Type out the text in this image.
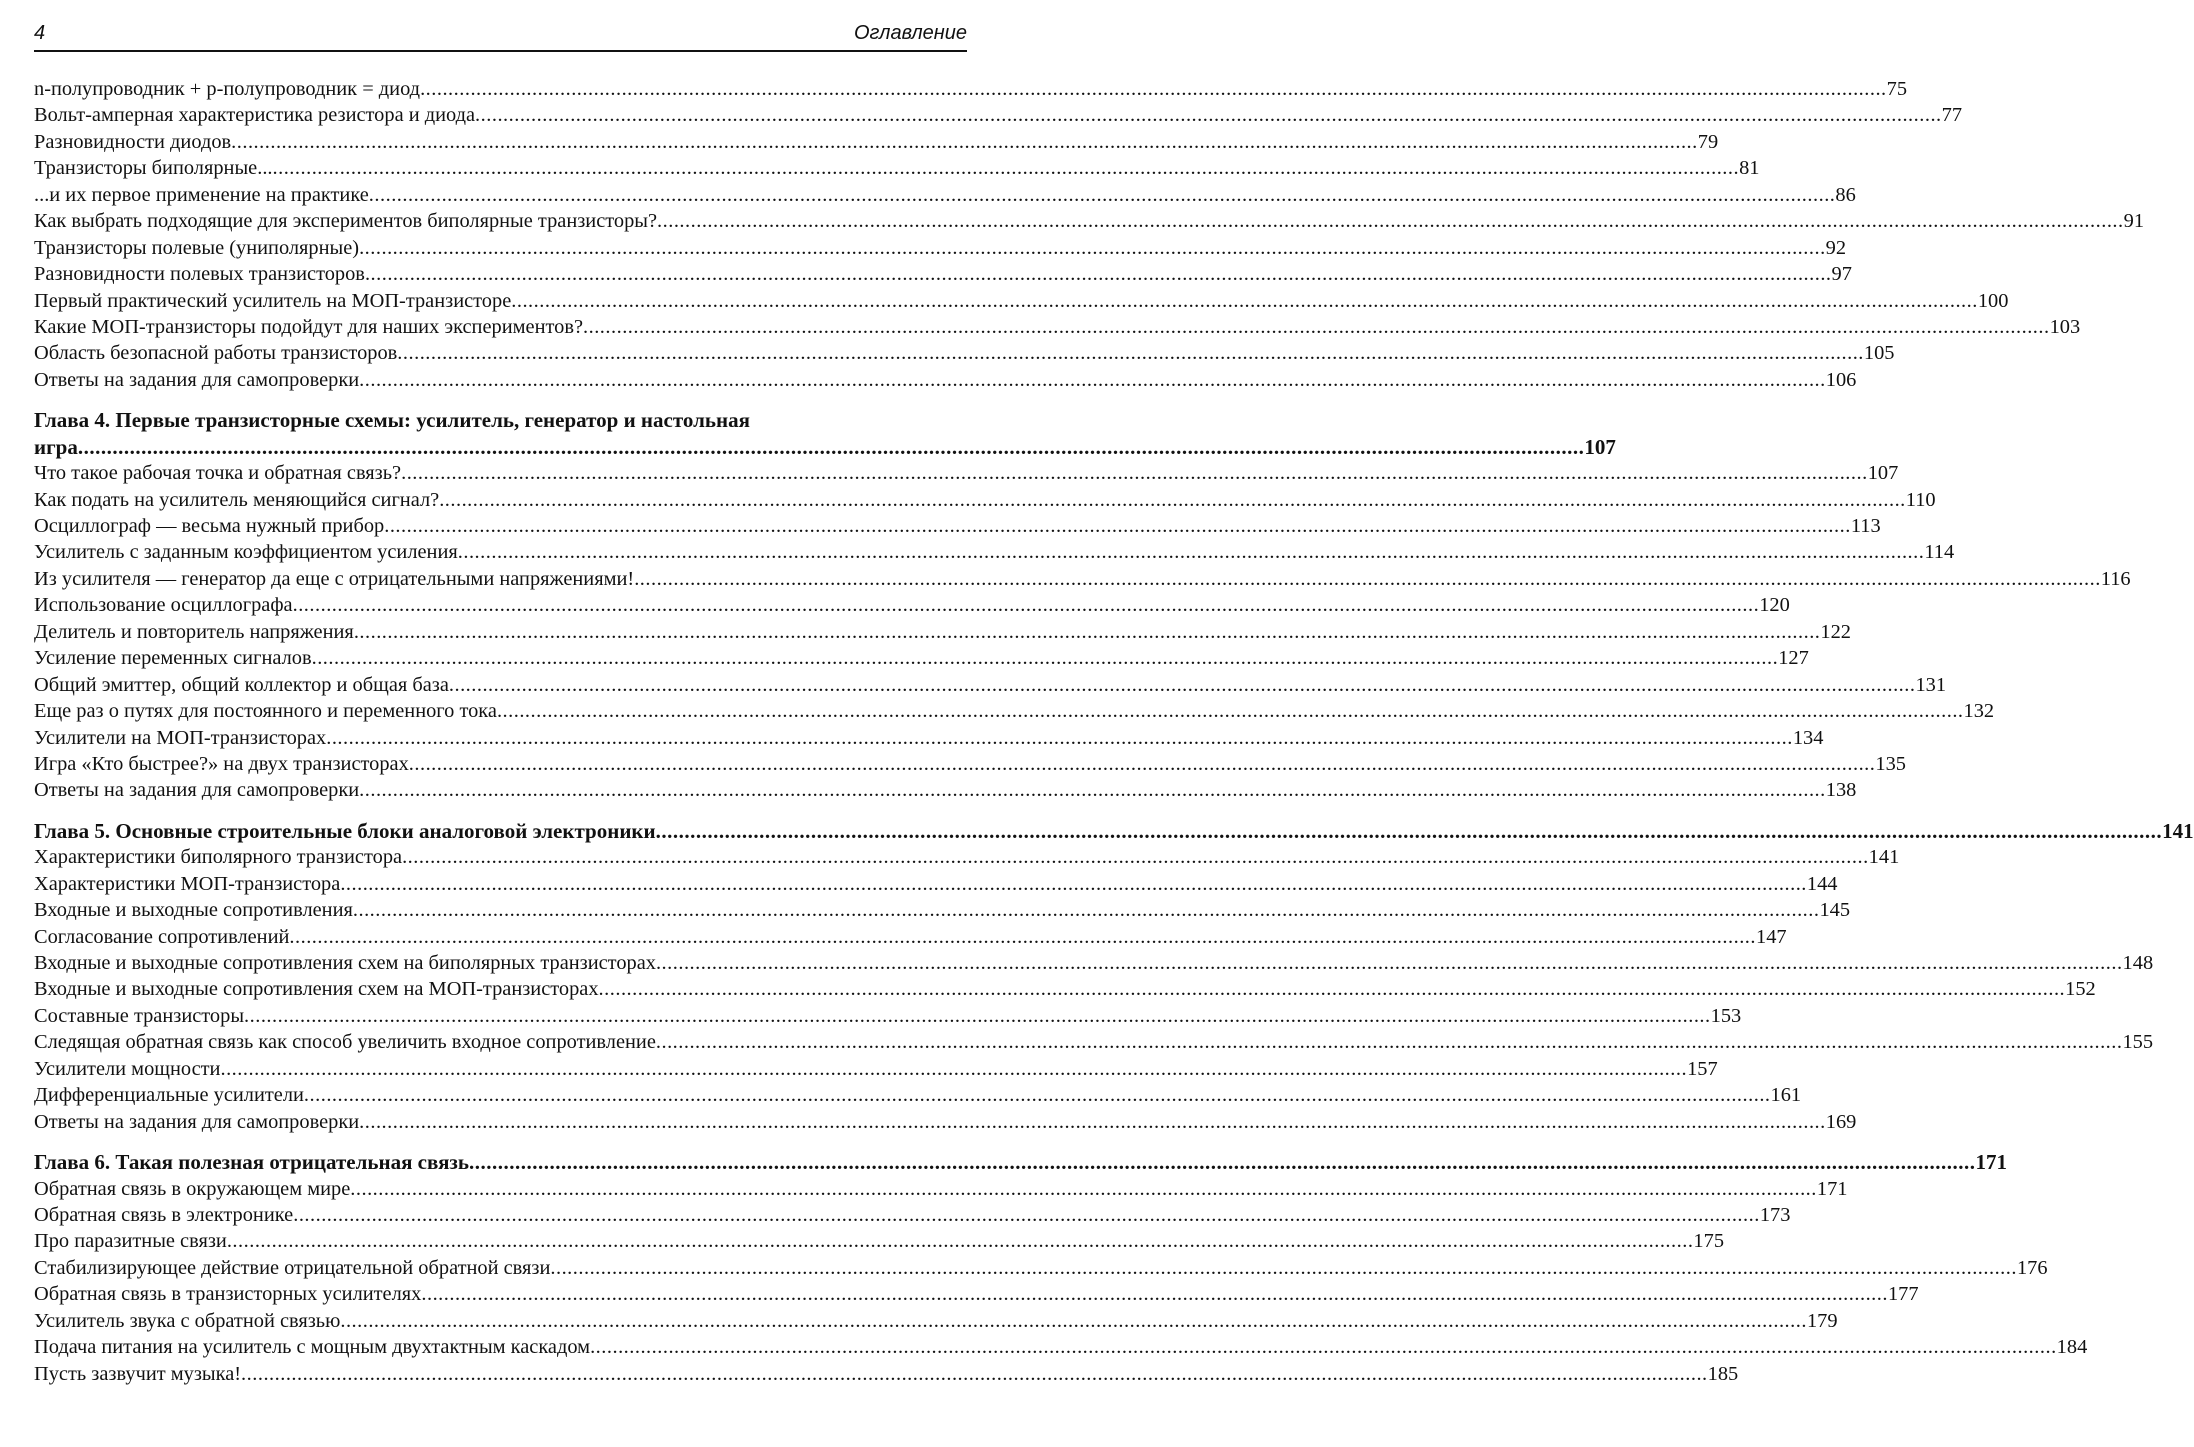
4	Оглавление
n-полупроводник + p-полупроводник = диод .....	75
Вольт-амперная характеристика резистора и диода .....	77
Разновидности диодов .....	79
Транзисторы биполярные... .....	81
...и их первое применение на практике .....	86
Как выбрать подходящие для экспериментов биполярные транзисторы? .....	91
Транзисторы полевые (униполярные) .....	92
Разновидности полевых транзисторов .....	97
Первый практический усилитель на МОП-транзисторе .....	100
Какие МОП-транзисторы подойдут для наших экспериментов? .....	103
Область безопасной работы транзисторов .....	105
Ответы на задания для самопроверки .....	106
Глава 4. Первые транзисторные схемы: усилитель, генератор и настольная
игра .....	107
Что такое рабочая точка и обратная связь? .....	107
Как подать на усилитель меняющийся сигнал? .....	110
Осциллограф — весьма нужный прибор .....	113
Усилитель с заданным коэффициентом усиления .....	114
Из усилителя — генератор да еще с отрицательными напряжениями! .....	116
Использование осциллографа .....	120
Делитель и повторитель напряжения .....	122
Усиление переменных сигналов .....	127
Общий эмиттер, общий коллектор и общая база .....	131
Еще раз о путях для постоянного и переменного тока .....	132
Усилители на МОП-транзисторах .....	134
Игра «Кто быстрее?» на двух транзисторах .....	135
Ответы на задания для самопроверки .....	138
Глава 5. Основные строительные блоки аналоговой электроники .....	141
Характеристики биполярного транзистора .....	141
Характеристики МОП-транзистора .....	144
Входные и выходные сопротивления .....	145
Согласование сопротивлений .....	147
Входные и выходные сопротивления схем на биполярных транзисторах .....	148
Входные и выходные сопротивления схем на МОП-транзисторах .....	152
Составные транзисторы .....	153
Следящая обратная связь как способ увеличить входное сопротивление .....	155
Усилители мощности .....	157
Дифференциальные усилители .....	161
Ответы на задания для самопроверки .....	169
Глава 6. Такая полезная отрицательная связь .....	171
Обратная связь в окружающем мире .....	171
Обратная связь в электронике .....	173
Про паразитные связи .....	175
Стабилизирующее действие отрицательной обратной связи .....	176
Обратная связь в транзисторных усилителях .....	177
Усилитель звука с обратной связью .....	179
Подача питания на усилитель с мощным двухтактным каскадом .....	184
Пусть зазвучит музыка! .....	185
